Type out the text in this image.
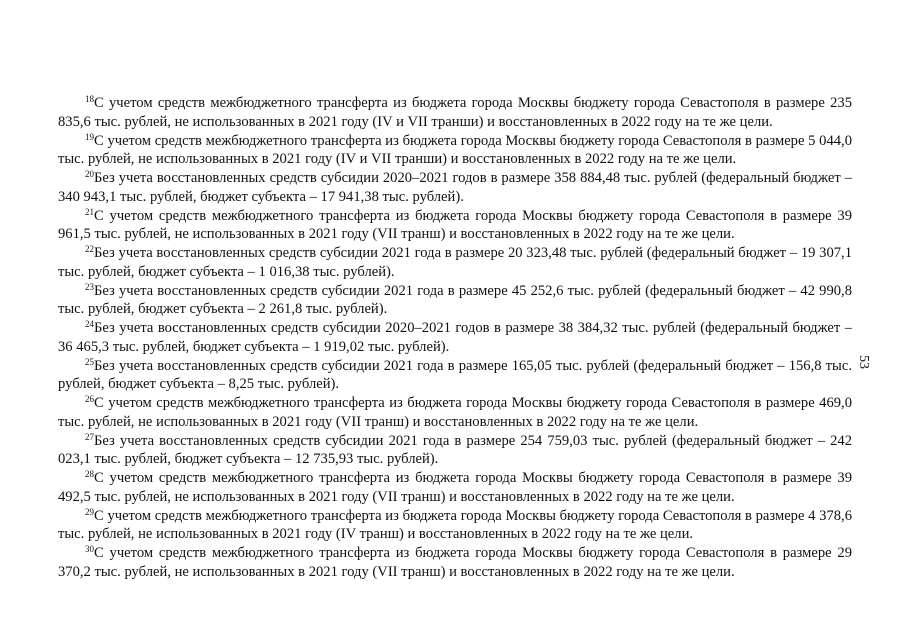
$^{18}$С учетом средств межбюджетного трансферта из бюджета города Москвы бюджету города Севастополя в размере 235 835,6 тыс. рублей, не использованных в 2021 году (IV и VII транши) и восстановленных в 2022 году на те же цели.

$^{19}$С учетом средств межбюджетного трансферта из бюджета города Москвы бюджету города Севастополя в размере 5 044,0 тыс. рублей, не использованных в 2021 году (IV и VII транши) и восстановленных в 2022 году на те же цели.

$^{20}$Без учета восстановленных средств субсидии 2020–2021 годов в размере 358 884,48 тыс. рублей (федеральный бюджет – 340 943,1 тыс. рублей, бюджет субъекта – 17 941,38 тыс. рублей).

$^{21}$С учетом средств межбюджетного трансферта из бюджета города Москвы бюджету города Севастополя в размере 39 961,5 тыс. рублей, не использованных в 2021 году (VII транш) и восстановленных в 2022 году на те же цели.

$^{22}$Без учета восстановленных средств субсидии 2021 года в размере 20 323,48 тыс. рублей (федеральный бюджет – 19 307,1 тыс. рублей, бюджет субъекта – 1 016,38 тыс. рублей).

$^{23}$Без учета восстановленных средств субсидии 2021 года в размере 45 252,6 тыс. рублей (федеральный бюджет – 42 990,8 тыс. рублей, бюджет субъекта – 2 261,8 тыс. рублей).

$^{24}$Без учета восстановленных средств субсидии 2020–2021 годов в размере 38 384,32 тыс. рублей (федеральный бюджет – 36 465,3 тыс. рублей, бюджет субъекта – 1 919,02 тыс. рублей).

$^{25}$Без учета восстановленных средств субсидии 2021 года в размере 165,05 тыс. рублей (федеральный бюджет – 156,8 тыс. рублей, бюджет субъекта – 8,25 тыс. рублей).

$^{26}$С учетом средств межбюджетного трансферта из бюджета города Москвы бюджету города Севастополя в размере 469,0 тыс. рублей, не использованных в 2021 году (VII транш) и восстановленных в 2022 году на те же цели.

$^{27}$Без учета восстановленных средств субсидии 2021 года в размере 254 759,03 тыс. рублей (федеральный бюджет – 242 023,1 тыс. рублей, бюджет субъекта – 12 735,93 тыс. рублей).

$^{28}$С учетом средств межбюджетного трансферта из бюджета города Москвы бюджету города Севастополя в размере 39 492,5 тыс. рублей, не использованных в 2021 году (VII транш) и восстановленных в 2022 году на те же цели.

$^{29}$С учетом средств межбюджетного трансферта из бюджета города Москвы бюджету города Севастополя в размере 4 378,6 тыс. рублей, не использованных в 2021 году (IV транш) и восстановленных в 2022 году на те же цели.

$^{30}$С учетом средств межбюджетного трансферта из бюджета города Москвы бюджету города Севастополя в размере 29 370,2 тыс. рублей, не использованных в 2021 году (VII транш) и восстановленных в 2022 году на те же цели.

53
